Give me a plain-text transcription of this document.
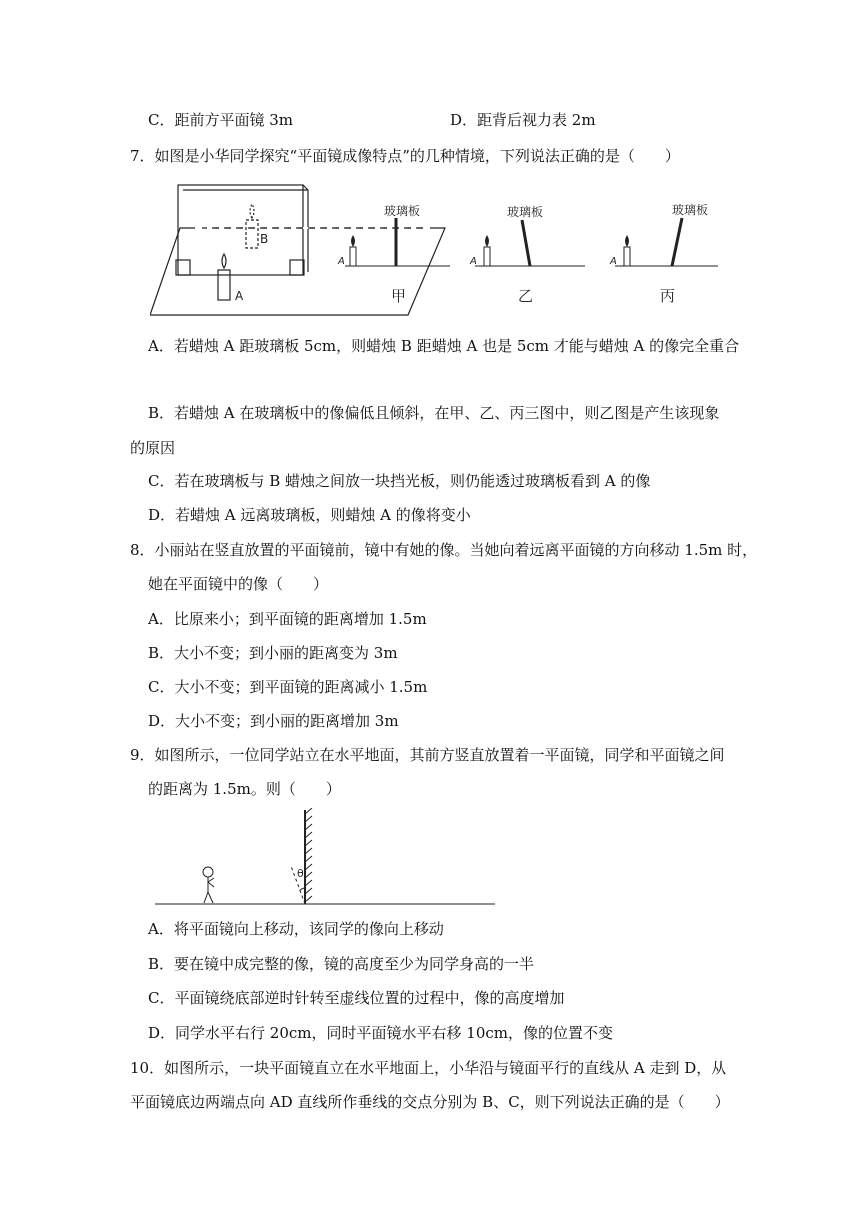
C．距前方平面镜 3m	D．距背后视力表 2m
7．如图是小华同学探究“平面镜成像特点”的几种情境，下列说法正确的是（　　）
B
A
A
玻璃板
甲
A
玻璃板
乙
A
玻璃板
丙
A．若蜡烛 A 距玻璃板 5cm，则蜡烛 B 距蜡烛 A 也是 5cm 才能与蜡烛 A 的像完全重合
B．若蜡烛 A 在玻璃板中的像偏低且倾斜，在甲、乙、丙三图中，则乙图是产生该现象
的原因
C．若在玻璃板与 B 蜡烛之间放一块挡光板，则仍能透过玻璃板看到 A 的像
D．若蜡烛 A 远离玻璃板，则蜡烛 A 的像将变小
8．小丽站在竖直放置的平面镜前，镜中有她的像。当她向着远离平面镜的方向移动 1.5m 时，
她在平面镜中的像（　　）
A．比原来小；到平面镜的距离增加 1.5m
B．大小不变；到小丽的距离变为 3m
C．大小不变；到平面镜的距离减小 1.5m
D．大小不变；到小丽的距离增加 3m
9．如图所示，一位同学站立在水平地面，其前方竖直放置着一平面镜，同学和平面镜之间
的距离为 1.5m。则（　　）
θ
A．将平面镜向上移动，该同学的像向上移动
B．要在镜中成完整的像，镜的高度至少为同学身高的一半
C．平面镜绕底部逆时针转至虚线位置的过程中，像的高度增加
D．同学水平右行 20cm，同时平面镜水平右移 10cm，像的位置不变
10．如图所示，一块平面镜直立在水平地面上，小华沿与镜面平行的直线从 A 走到 D，从
平面镜底边两端点向 AD 直线所作垂线的交点分别为 B、C，则下列说法正确的是（　　）
